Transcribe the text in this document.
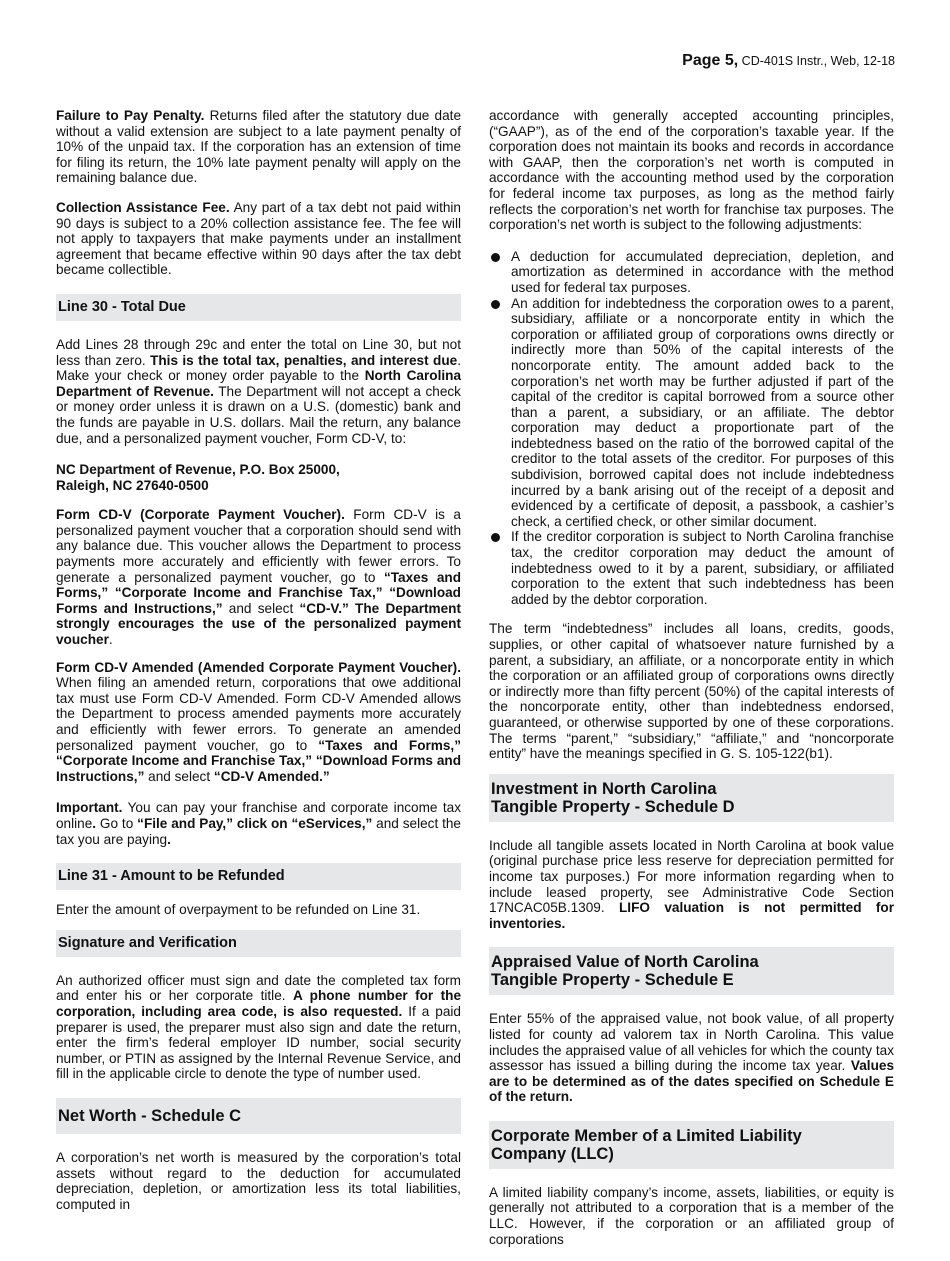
Page 5, CD-401S Instr., Web, 12-18

Failure to Pay Penalty. Returns filed after the statutory due date without a valid extension are subject to a late payment penalty of 10% of the unpaid tax. If the corporation has an extension of time for filing its return, the 10% late payment penalty will apply on the remaining balance due.

Collection Assistance Fee. Any part of a tax debt not paid within 90 days is subject to a 20% collection assistance fee. The fee will not apply to taxpayers that make payments under an installment agreement that became effective within 90 days after the tax debt became collectible.

Line 30 - Total Due

Add Lines 28 through 29c and enter the total on Line 30, but not less than zero. This is the total tax, penalties, and interest due. Make your check or money order payable to the North Carolina Department of Revenue. The Department will not accept a check or money order unless it is drawn on a U.S. (domestic) bank and the funds are payable in U.S. dollars. Mail the return, any balance due, and a personalized payment voucher, Form CD-V, to:

NC Department of Revenue, P.O. Box 25000,
Raleigh, NC 27640-0500

Form CD-V (Corporate Payment Voucher). Form CD-V is a personalized payment voucher that a corporation should send with any balance due. This voucher allows the Department to process payments more accurately and efficiently with fewer errors. To generate a personalized payment voucher, go to “Taxes and Forms,” “Corporate Income and Franchise Tax,” “Download Forms and Instructions,” and select “CD-V.” The Department strongly encourages the use of the personalized payment voucher.

Form CD-V Amended (Amended Corporate Payment Voucher). When filing an amended return, corporations that owe additional tax must use Form CD-V Amended. Form CD-V Amended allows the Department to process amended payments more accurately and efficiently with fewer errors. To generate an amended personalized payment voucher, go to “Taxes and Forms,” “Corporate Income and Franchise Tax,” “Download Forms and Instructions,” and select “CD-V Amended.”

Important. You can pay your franchise and corporate income tax online. Go to “File and Pay,” click on “eServices,” and select the tax you are paying.

Line 31 - Amount to be Refunded

Enter the amount of overpayment to be refunded on Line 31.

Signature and Verification

An authorized officer must sign and date the completed tax form and enter his or her corporate title. A phone number for the corporation, including area code, is also requested. If a paid preparer is used, the preparer must also sign and date the return, enter the firm’s federal employer ID number, social security number, or PTIN as assigned by the Internal Revenue Service, and fill in the applicable circle to denote the type of number used.

Net Worth - Schedule C

A corporation’s net worth is measured by the corporation’s total assets without regard to the deduction for accumulated depreciation, depletion, or amortization less its total liabilities, computed in

accordance with generally accepted accounting principles, (“GAAP”), as of the end of the corporation’s taxable year. If the corporation does not maintain its books and records in accordance with GAAP, then the corporation’s net worth is computed in accordance with the accounting method used by the corporation for federal income tax purposes, as long as the method fairly reflects the corporation’s net worth for franchise tax purposes. The corporation’s net worth is subject to the following adjustments:

A deduction for accumulated depreciation, depletion, and amortization as determined in accordance with the method used for federal tax purposes.
An addition for indebtedness the corporation owes to a parent, subsidiary, affiliate or a noncorporate entity in which the corporation or affiliated group of corporations owns directly or indirectly more than 50% of the capital interests of the noncorporate entity. The amount added back to the corporation’s net worth may be further adjusted if part of the capital of the creditor is capital borrowed from a source other than a parent, a subsidiary, or an affiliate. The debtor corporation may deduct a proportionate part of the indebtedness based on the ratio of the borrowed capital of the creditor to the total assets of the creditor. For purposes of this subdivision, borrowed capital does not include indebtedness incurred by a bank arising out of the receipt of a deposit and evidenced by a certificate of deposit, a passbook, a cashier’s check, a certified check, or other similar document.
If the creditor corporation is subject to North Carolina franchise tax, the creditor corporation may deduct the amount of indebtedness owed to it by a parent, subsidiary, or affiliated corporation to the extent that such indebtedness has been added by the debtor corporation.

The term “indebtedness” includes all loans, credits, goods, supplies, or other capital of whatsoever nature furnished by a parent, a subsidiary, an affiliate, or a noncorporate entity in which the corporation or an affiliated group of corporations owns directly or indirectly more than fifty percent (50%) of the capital interests of the noncorporate entity, other than indebtedness endorsed, guaranteed, or otherwise supported by one of these corporations. The terms “parent,” “subsidiary,” “affiliate,” and “noncorporate entity” have the meanings specified in G. S. 105-122(b1).

Investment in North Carolina
Tangible Property - Schedule D

Include all tangible assets located in North Carolina at book value (original purchase price less reserve for depreciation permitted for income tax purposes.) For more information regarding when to include leased property, see Administrative Code Section 17NCAC05B.1309. LIFO valuation is not permitted for inventories.

Appraised Value of North Carolina
Tangible Property - Schedule E

Enter 55% of the appraised value, not book value, of all property listed for county ad valorem tax in North Carolina. This value includes the appraised value of all vehicles for which the county tax assessor has issued a billing during the income tax year. Values are to be determined as of the dates specified on Schedule E of the return.

Corporate Member of a Limited Liability
Company (LLC)

A limited liability company’s income, assets, liabilities, or equity is generally not attributed to a corporation that is a member of the LLC. However, if the corporation or an affiliated group of corporations
